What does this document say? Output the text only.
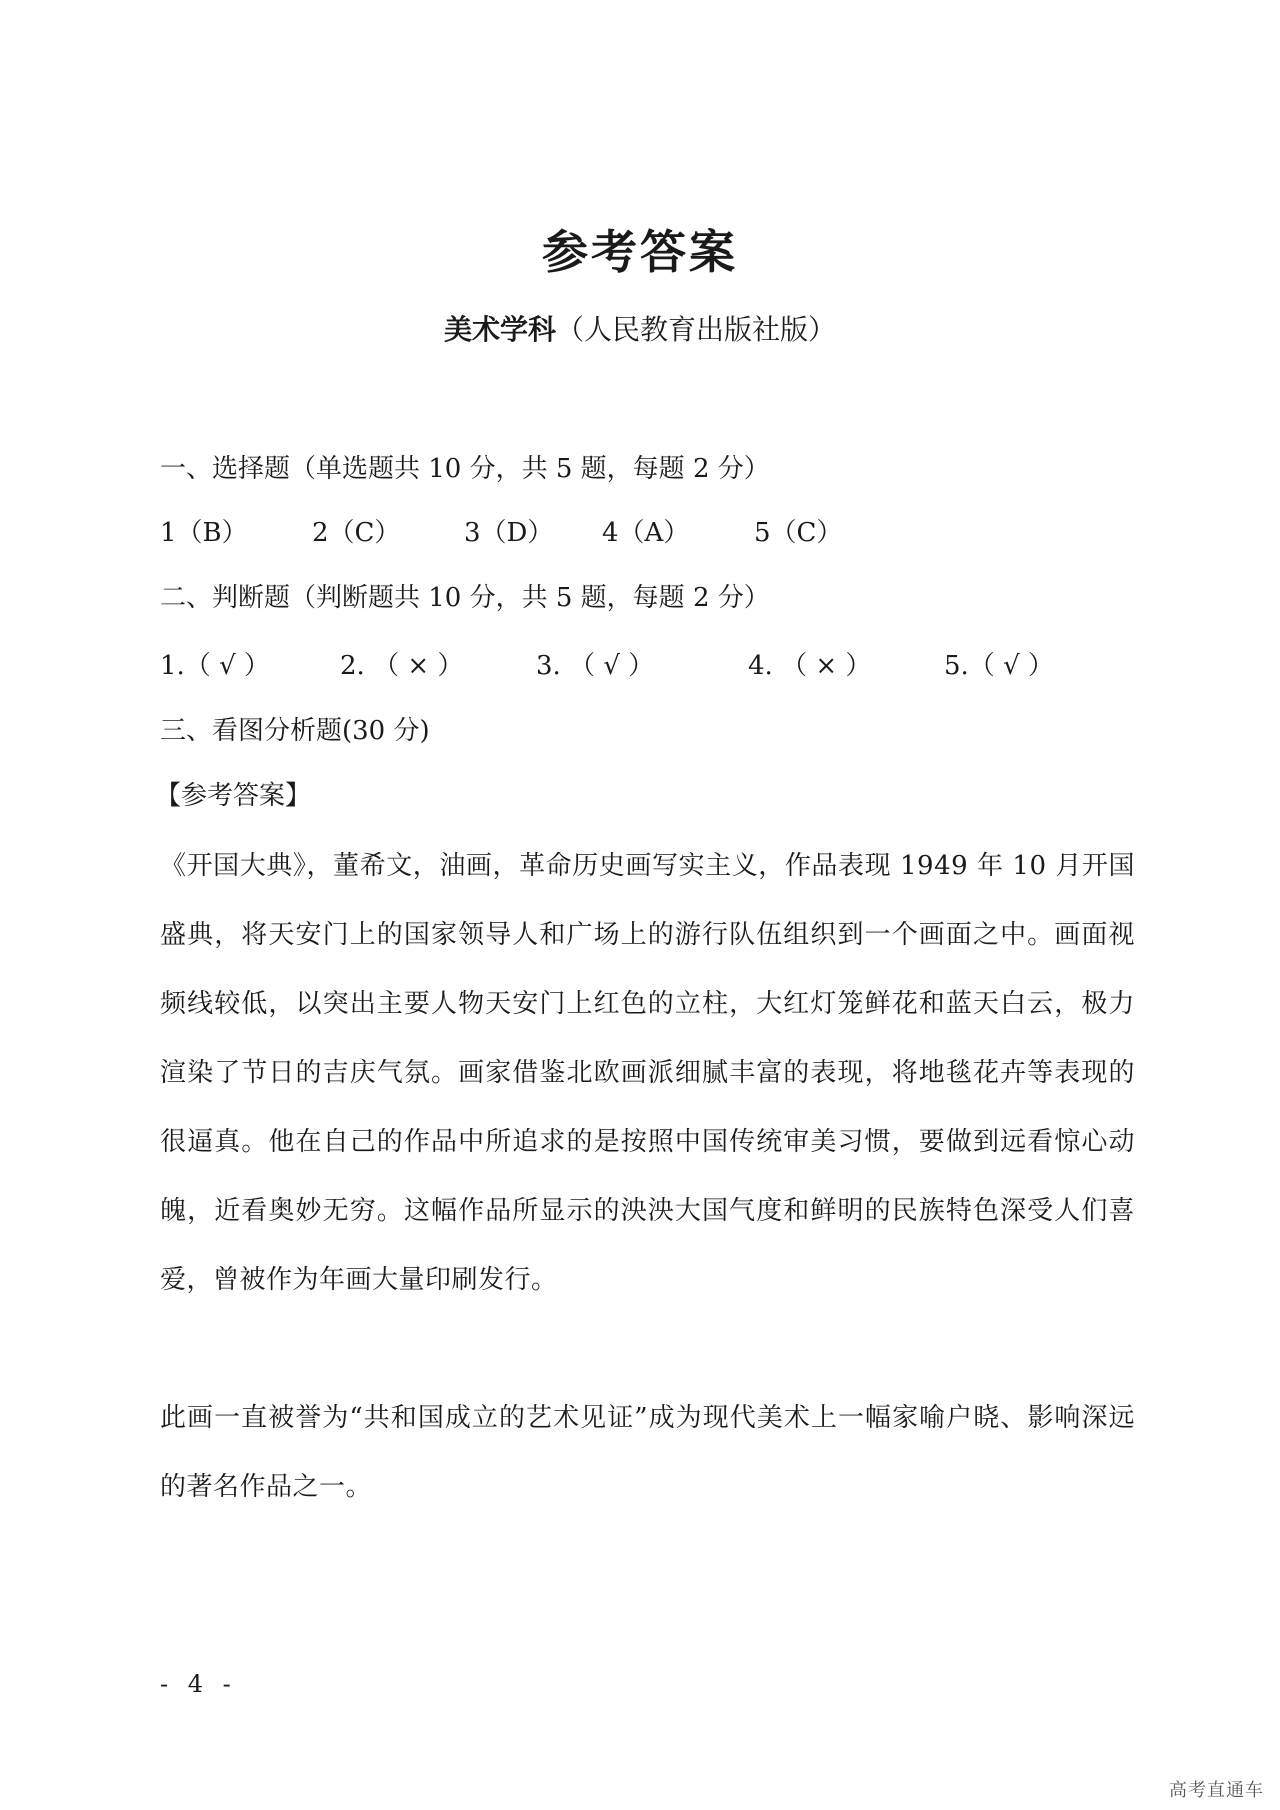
参考答案
美术学科（人民教育出版社版）
一、选择题（单选题共 10 分，共 5 题，每题 2 分）
1（B） 2（C） 3（D） 4（A） 5（C）
二、判断题（判断题共 10 分，共 5 题，每题 2 分）
1.（ √ ）	2. （ × ）	3. （ √ ）	4. （ × ）	5.（ √ ）
三、看图分析题(30 分)
【参考答案】
《开国大典》，董希文，油画，革命历史画写实主义，作品表现 1949 年 10 月开国盛典，将天安门上的国家领导人和广场上的游行队伍组织到一个画面之中。画面视频线较低，以突出主要人物天安门上红色的立柱，大红灯笼鲜花和蓝天白云，极力渲染了节日的吉庆气氛。画家借鉴北欧画派细腻丰富的表现，将地毯花卉等表现的很逼真。他在自己的作品中所追求的是按照中国传统审美习惯，要做到远看惊心动魄，近看奥妙无穷。这幅作品所显示的泱泱大国气度和鲜明的民族特色深受人们喜爱，曾被作为年画大量印刷发行。
此画一直被誉为“共和国成立的艺术见证”成为现代美术上一幅家喻户晓、影响深远的著名作品之一。
- 4 -
高考直通车
